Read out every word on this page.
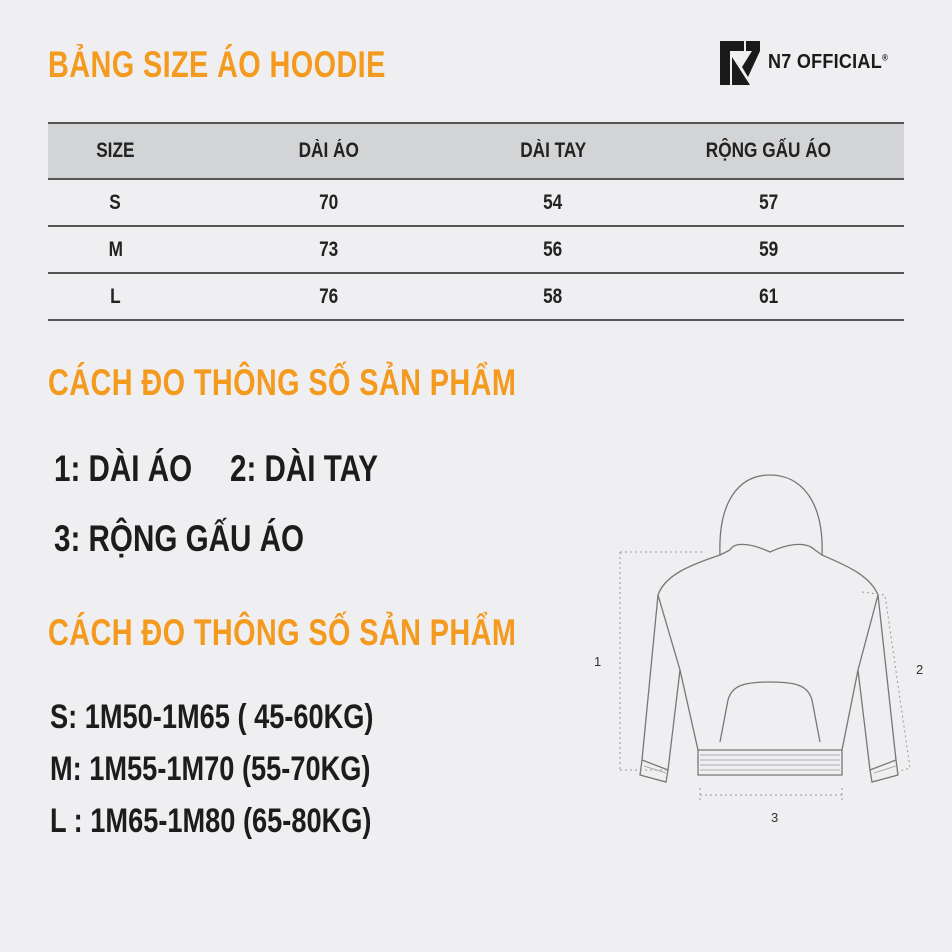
BẢNG SIZE ÁO HOODIE	N7 OFFICIAL®
SIZE	DÀI ÁO	DÀI TAY	RỘNG GẤU ÁO
S	70	54	57
M	73	56	59
L	76	58	61
CÁCH ĐO THÔNG SỐ SẢN PHẨM
1: DÀI ÁO 2: DÀI TAY
3: RỘNG GẤU ÁO
CÁCH ĐO THÔNG SỐ SẢN PHẨM
S: 1M50-1M65 ( 45-60KG)
M: 1M55-1M70 (55-70KG)
L : 1M65-1M80 (65-80KG)
1
2
3
